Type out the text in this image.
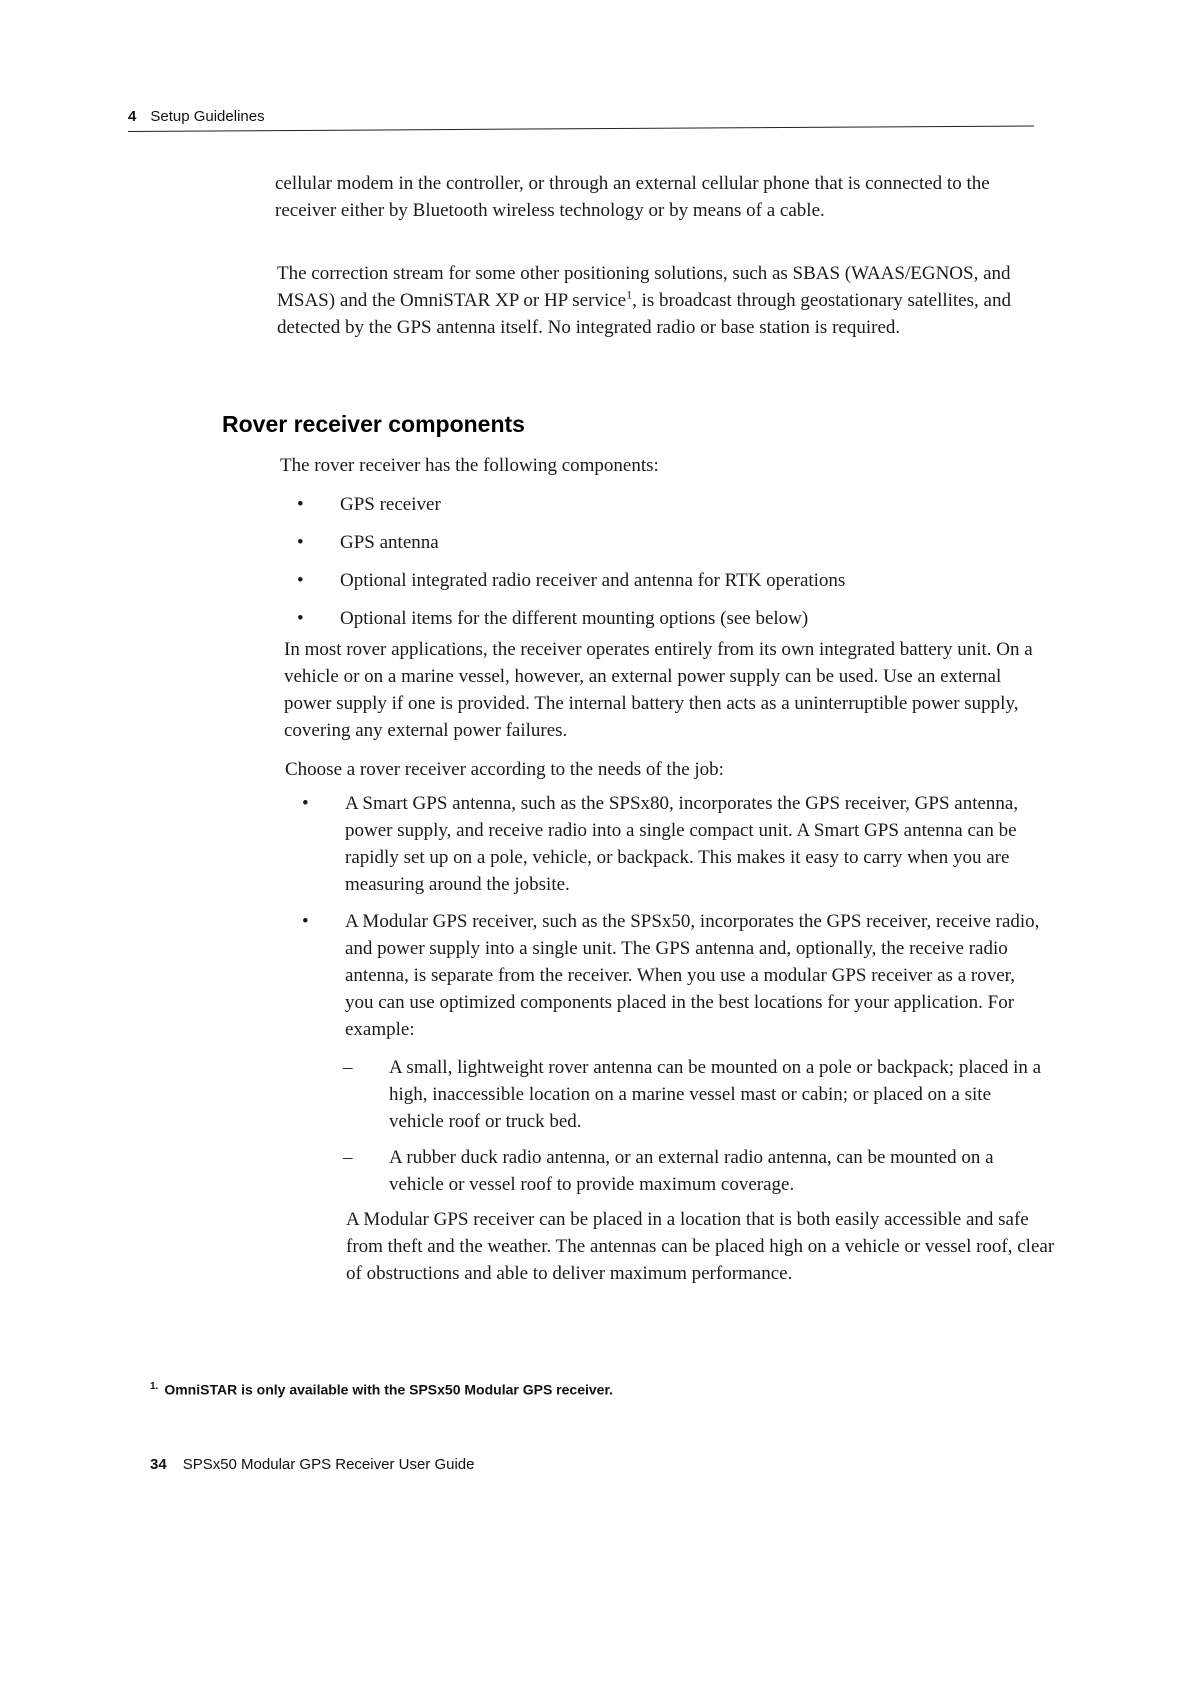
4 Setup Guidelines

cellular modem in the controller, or through an external cellular phone that is connected to the receiver either by Bluetooth wireless technology or by means of a cable.

The correction stream for some other positioning solutions, such as SBAS (WAAS/EGNOS, and MSAS) and the OmniSTAR XP or HP service$^1$, is broadcast through geostationary satellites, and detected by the GPS antenna itself. No integrated radio or base station is required.

Rover receiver components

The rover receiver has the following components:

• GPS receiver
• GPS antenna
• Optional integrated radio receiver and antenna for RTK operations
• Optional items for the different mounting options (see below)

In most rover applications, the receiver operates entirely from its own integrated battery unit. On a vehicle or on a marine vessel, however, an external power supply can be used. Use an external power supply if one is provided. The internal battery then acts as a uninterruptible power supply, covering any external power failures.

Choose a rover receiver according to the needs of the job:

• A Smart GPS antenna, such as the SPSx80, incorporates the GPS receiver, GPS antenna, power supply, and receive radio into a single compact unit. A Smart GPS antenna can be rapidly set up on a pole, vehicle, or backpack. This makes it easy to carry when you are measuring around the jobsite.
• A Modular GPS receiver, such as the SPSx50, incorporates the GPS receiver, receive radio, and power supply into a single unit. The GPS antenna and, optionally, the receive radio antenna, is separate from the receiver. When you use a modular GPS receiver as a rover, you can use optimized components placed in the best locations for your application. For example:
– A small, lightweight rover antenna can be mounted on a pole or backpack; placed in a high, inaccessible location on a marine vessel mast or cabin; or placed on a site vehicle roof or truck bed.
– A rubber duck radio antenna, or an external radio antenna, can be mounted on a vehicle or vessel roof to provide maximum coverage.

A Modular GPS receiver can be placed in a location that is both easily accessible and safe from theft and the weather. The antennas can be placed high on a vehicle or vessel roof, clear of obstructions and able to deliver maximum performance.

$^{1.}$ OmniSTAR is only available with the SPSx50 Modular GPS receiver.
34 SPSx50 Modular GPS Receiver User Guide
